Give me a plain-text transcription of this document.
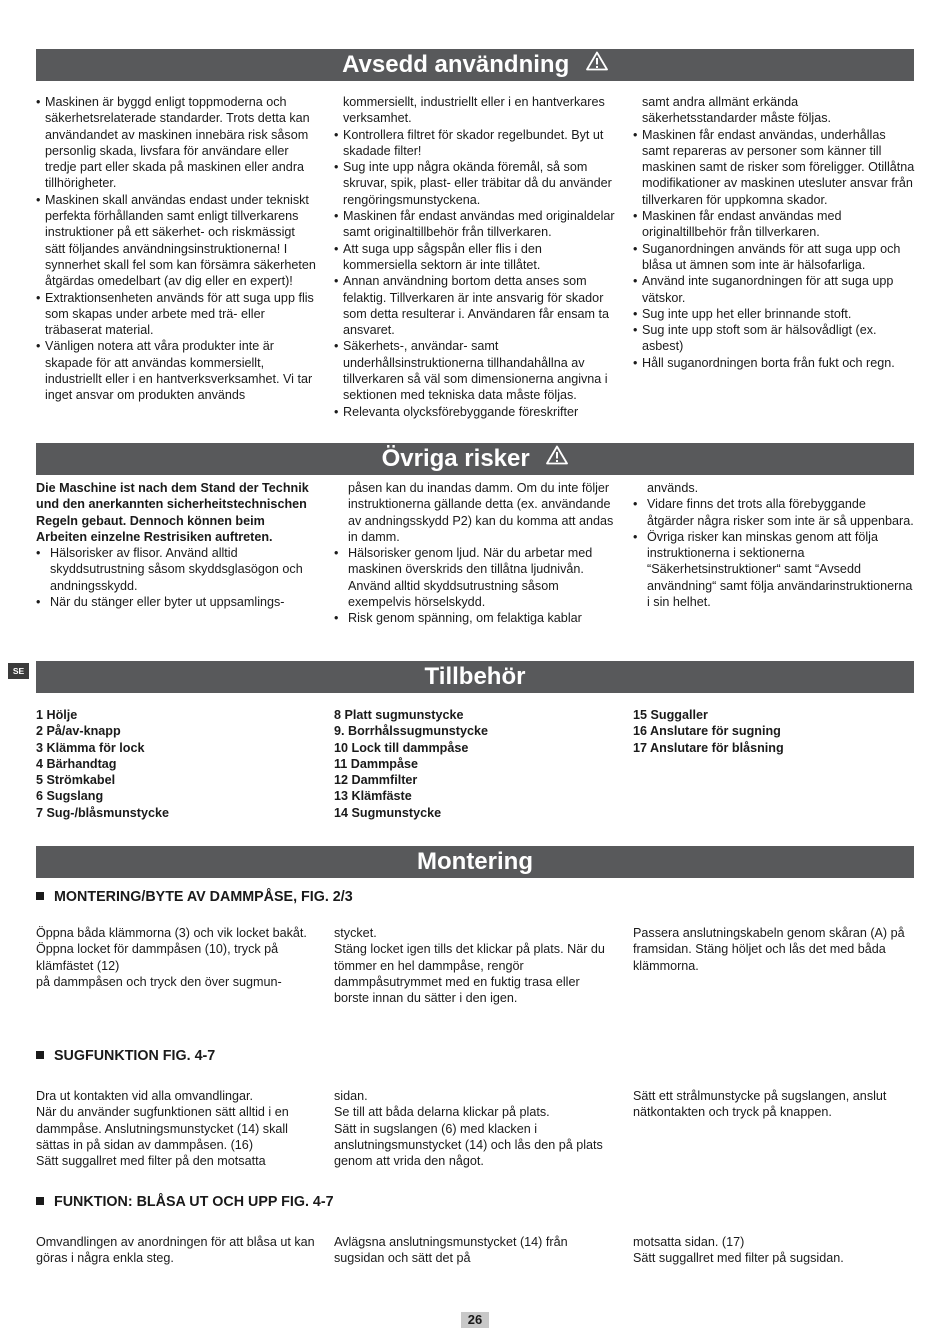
Avsedd användning
• Maskinen är byggd enligt toppmoderna och säkerhetsrelaterade standarder. Trots detta kan användandet av maskinen innebära risk såsom personlig skada, livsfara för användare eller tredje part eller skada på maskinen eller andra tillhörigheter.
• Maskinen skall användas endast under tekniskt perfekta förhållanden samt enligt tillverkarens instruktioner på ett säkerhet- och riskmässigt sätt följandes användningsinstruktionerna! I synnerhet skall fel som kan försämra säkerheten åtgärdas omedelbart (av dig eller en expert)!
• Extraktionsenheten används för att suga upp flis som skapas under arbete med trä- eller träbaserat material.
• Vänligen notera att våra produkter inte är skapade för att användas kommersiellt, industriellt eller i en hantverksverksamhet. Vi tar inget ansvar om produkten används
kommersiellt, industriellt eller i en hantverkares verksamhet.
• Kontrollera filtret för skador regelbundet. Byt ut skadade filter!
• Sug inte upp några okända föremål, så som skruvar, spik, plast- eller träbitar då du använder rengöringsmunstyckena.
• Maskinen får endast användas med originaldelar samt originaltillbehör från tillverkaren.
• Att suga upp sågspån eller flis i den kommersiella sektorn är inte tillåtet.
• Annan användning bortom detta anses som felaktig. Tillverkaren är inte ansvarig för skador som detta resulterar i. Användaren får ensam ta ansvaret.
• Säkerhets-, användar- samt underhållsinstruktionerna tillhandahållna av tillverkaren så väl som dimensionerna angivna i sektionen med tekniska data måste följas.
• Relevanta olycksförebyggande föreskrifter
samt andra allmänt erkända säkerhetsstandarder måste följas.
• Maskinen får endast användas, underhållas samt repareras av personer som känner till maskinen samt de risker som föreligger. Otillåtna modifikationer av maskinen utesluter ansvar från tillverkaren för uppkomna skador.
• Maskinen får endast användas med originaltillbehör från tillverkaren.
• Suganordningen används för att suga upp och blåsa ut ämnen som inte är hälsofarliga.
• Använd inte suganordningen för att suga upp vätskor.
• Sug inte upp het eller brinnande stoft.
• Sug inte upp stoft som är hälsovådligt (ex. asbest)
• Håll suganordningen borta från fukt och regn.
Övriga risker

Die Maschine ist nach dem Stand der Technik und den anerkannten sicherheitstechnischen Regeln gebaut. Dennoch können beim Arbeiten einzelne Restrisiken auftreten.

• Hälsorisker av flisor. Använd alltid skyddsutrustning såsom skyddsglasögon och andningsskydd.
• När du stänger eller byter ut uppsamlings-
påsen kan du inandas damm. Om du inte följer instruktionerna gällande detta (ex. användande av andningsskydd P2) kan du komma att andas in damm.
• Hälsorisker genom ljud. När du arbetar med maskinen överskrids den tillåtna ljudnivån. Använd alltid skyddsutrustning såsom exempelvis hörselskydd.
• Risk genom spänning, om felaktiga kablar
används.
• Vidare finns det trots alla förebyggande åtgärder några risker som inte är så uppenbara.
• Övriga risker kan minskas genom att följa instruktionerna i sektionerna “Säkerhetsinstruktioner“ samt “Avsedd användning“ samt följa användarinstruktionerna i sin helhet.
SE	Tillbehör
1 Hölje
2 På/av-knapp
3 Klämma för lock
4 Bärhandtag
5 Strömkabel
6 Sugslang
7 Sug-/blåsmunstycke
8 Platt sugmunstycke
9. Borrhålssugmunstycke
10 Lock till dammpåse
11 Dammpåse
12 Dammfilter
13 Klämfäste
14 Sugmunstycke
15 Suggaller
16 Anslutare för sugning
17 Anslutare för blåsning
Montering
MONTERING/BYTE AV DAMMPÅSE, FIG. 2/3
Öppna båda klämmorna (3) och vik locket bakåt.
Öppna locket för dammpåsen (10), tryck på klämfästet (12)
på dammpåsen och tryck den över sugmun-
stycket.
Stäng locket igen tills det klickar på plats. När du tömmer en hel dammpåse, rengör dammpåsutrymmet med en fuktig trasa eller borste innan du sätter i den igen.
Passera anslutningskabeln genom skåran (A) på framsidan. Stäng höljet och lås det med båda klämmorna.
SUGFUNKTION FIG. 4-7
Dra ut kontakten vid alla omvandlingar.
När du använder sugfunktionen sätt alltid i en dammpåse. Anslutningsmunstycket (14) skall sättas in på sidan av dammpåsen. (16)
Sätt suggallret med filter på den motsatta
sidan.
Se till att båda delarna klickar på plats.
Sätt in sugslangen (6) med klacken i anslutningsmunstycket (14) och lås den på plats genom att vrida den något.
Sätt ett strålmunstycke på sugslangen, anslut nätkontakten och tryck på knappen.
FUNKTION: BLÅSA UT OCH UPP FIG. 4-7
Omvandlingen av anordningen för att blåsa ut kan göras i några enkla steg.
Avlägsna anslutningsmunstycket (14) från sugsidan och sätt det på
motsatta sidan. (17)
Sätt suggallret med filter på sugsidan.
26
